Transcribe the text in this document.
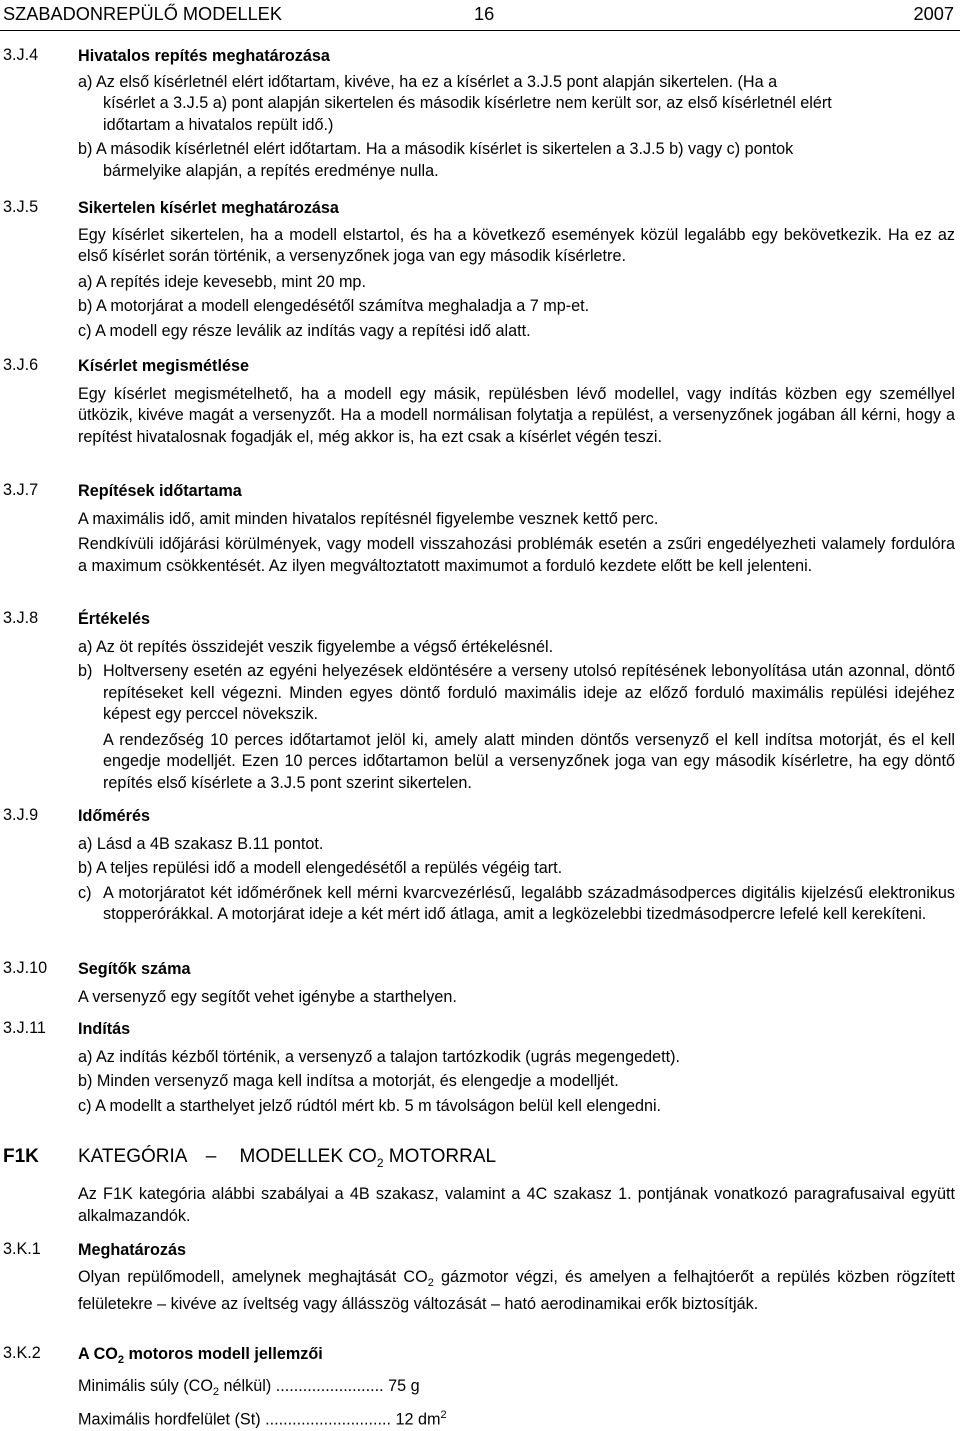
SZABADONREPÜLŐ MODELLEK	16	2007
3.J.4 Hivatalos repítés meghatározása
a) Az első kísérletnél elért időtartam, kivéve, ha ez a kísérlet a 3.J.5 pont alapján sikertelen. (Ha a
kísérlet a 3.J.5 a) pont alapján sikertelen és második kísérletre nem került sor, az első kísérletnél elért
időtartam a hivatalos repült idő.)
b) A második kísérletnél elért időtartam. Ha a második kísérlet is sikertelen a 3.J.5 b) vagy c) pontok
bármelyike alapján, a repítés eredménye nulla.
3.J.5 Sikertelen kísérlet meghatározása
Egy kísérlet sikertelen, ha a modell elstartol, és ha a következő események közül legalább egy bekövetkezik. Ha ez az első kísérlet során történik, a versenyzőnek joga van egy második kísérletre.
a) A repítés ideje kevesebb, mint 20 mp.
b) A motorjárat a modell elengedésétől számítva meghaladja a 7 mp-et.
c) A modell egy része leválik az indítás vagy a repítési idő alatt.
3.J.6 Kísérlet megismétlése
Egy kísérlet megismételhető, ha a modell egy másik, repülésben lévő modellel, vagy indítás közben egy személlyel ütközik, kivéve magát a versenyzőt. Ha a modell normálisan folytatja a repülést, a versenyzőnek jogában áll kérni, hogy a repítést hivatalosnak fogadják el, még akkor is, ha ezt csak a kísérlet végén teszi.
3.J.7 Repítések időtartama
A maximális idő, amit minden hivatalos repítésnél figyelembe vesznek kettő perc.
Rendkívüli időjárási körülmények, vagy modell visszahozási problémák esetén a zsűri engedélyezheti valamely fordulóra a maximum csökkentését. Az ilyen megváltoztatott maximumot a forduló kezdete előtt be kell jelenteni.
3.J.8 Értékelés
a) Az öt repítés összidejét veszik figyelembe a végső értékelésnél.
b) Holtverseny esetén az egyéni helyezések eldöntésére a verseny utolsó repítésének lebonyolítása után azonnal, döntő repítéseket kell végezni. Minden egyes döntő forduló maximális ideje az előző forduló maximális repülési idejéhez képest egy perccel növekszik.
A rendezőség 10 perces időtartamot jelöl ki, amely alatt minden döntős versenyző el kell indítsa motorját, és el kell engedje modelljét. Ezen 10 perces időtartamon belül a versenyzőnek joga van egy második kísérletre, ha egy döntő repítés első kísérlete a 3.J.5 pont szerint sikertelen.
3.J.9 Időmérés
a) Lásd a 4B szakasz B.11 pontot.
b) A teljes repülési idő a modell elengedésétől a repülés végéig tart.
c) A motorjáratot két időmérőnek kell mérni kvarcvezérlésű, legalább századmásodperces digitális kijelzésű elektronikus stopperórákkal. A motorjárat ideje a két mért idő átlaga, amit a legközelebbi tizedmásodpercre lefelé kell kerekíteni.
3.J.10 Segítők száma
A versenyző egy segítőt vehet igénybe a starthelyen.
3.J.11 Indítás
a) Az indítás kézből történik, a versenyző a talajon tartózkodik (ugrás megengedett).
b) Minden versenyző maga kell indítsa a motorját, és elengedje a modelljét.
c) A modellt a starthelyet jelző rúdtól mért kb. 5 m távolságon belül kell elengedni.
F1K KATEGÓRIA – MODELLEK $CO_2$ MOTORRAL
Az F1K kategória alábbi szabályai a 4B szakasz, valamint a 4C szakasz 1. pontjának vonatkozó paragrafusaival együtt alkalmazandók.
3.K.1 Meghatározás
Olyan repülőmodell, amelynek meghajtását $CO_2$ gázmotor végzi, és amelyen a felhajtóerőt a repülés közben rögzített felületekre – kivéve az íveltség vagy állásszög változását – ható aerodinamikai erők biztosítják.
3.K.2 A $CO_2$ motoros modell jellemzői
Minimális súly ($CO_2$ nélkül) ........................ 75 g
Maximális hordfelület (St) ............................ 12 $dm^2$
